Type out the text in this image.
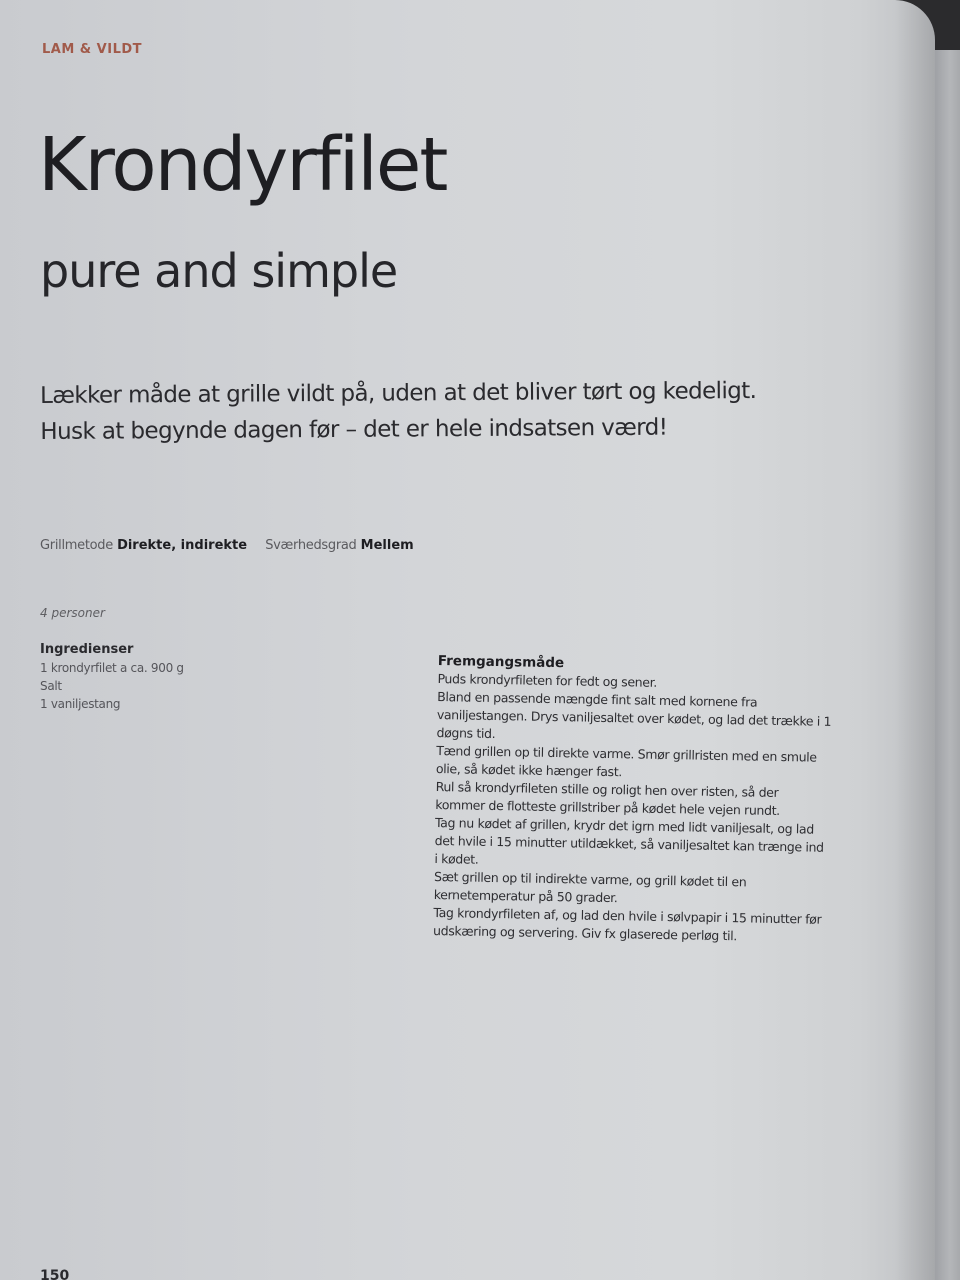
LAM & VILDT
Krondyrfilet
pure and simple
Lækker måde at grille vildt på, uden at det bliver tørt og kedeligt.
Husk at begynde dagen før – det er hele indsatsen værd!
Grillmetode Direkte, indirekte Sværhedsgrad Mellem
4 personer
Ingredienser
1 krondyrfilet a ca. 900 g
Salt
1 vaniljestang
Fremgangsmåde
Puds krondyrfileten for fedt og sener.
Bland en passende mængde fint salt med kornene fra vaniljestangen. Drys vaniljesaltet over kødet, og lad det trække i 1 døgns tid.
Tænd grillen op til direkte varme. Smør grillristen med en smule olie, så kødet ikke hænger fast.
Rul så krondyrfileten stille og roligt hen over risten, så der kommer de flotteste grillstriber på kødet hele vejen rundt.
Tag nu kødet af grillen, krydr det igrn med lidt vaniljesalt, og lad det hvile i 15 minutter utildækket, så vaniljesaltet kan trænge ind i kødet.
Sæt grillen op til indirekte varme, og grill kødet til en kernetemperatur på 50 grader.
Tag krondyrfileten af, og lad den hvile i sølvpapir i 15 minutter før udskæring og servering. Giv fx glaserede perløg til.
150
